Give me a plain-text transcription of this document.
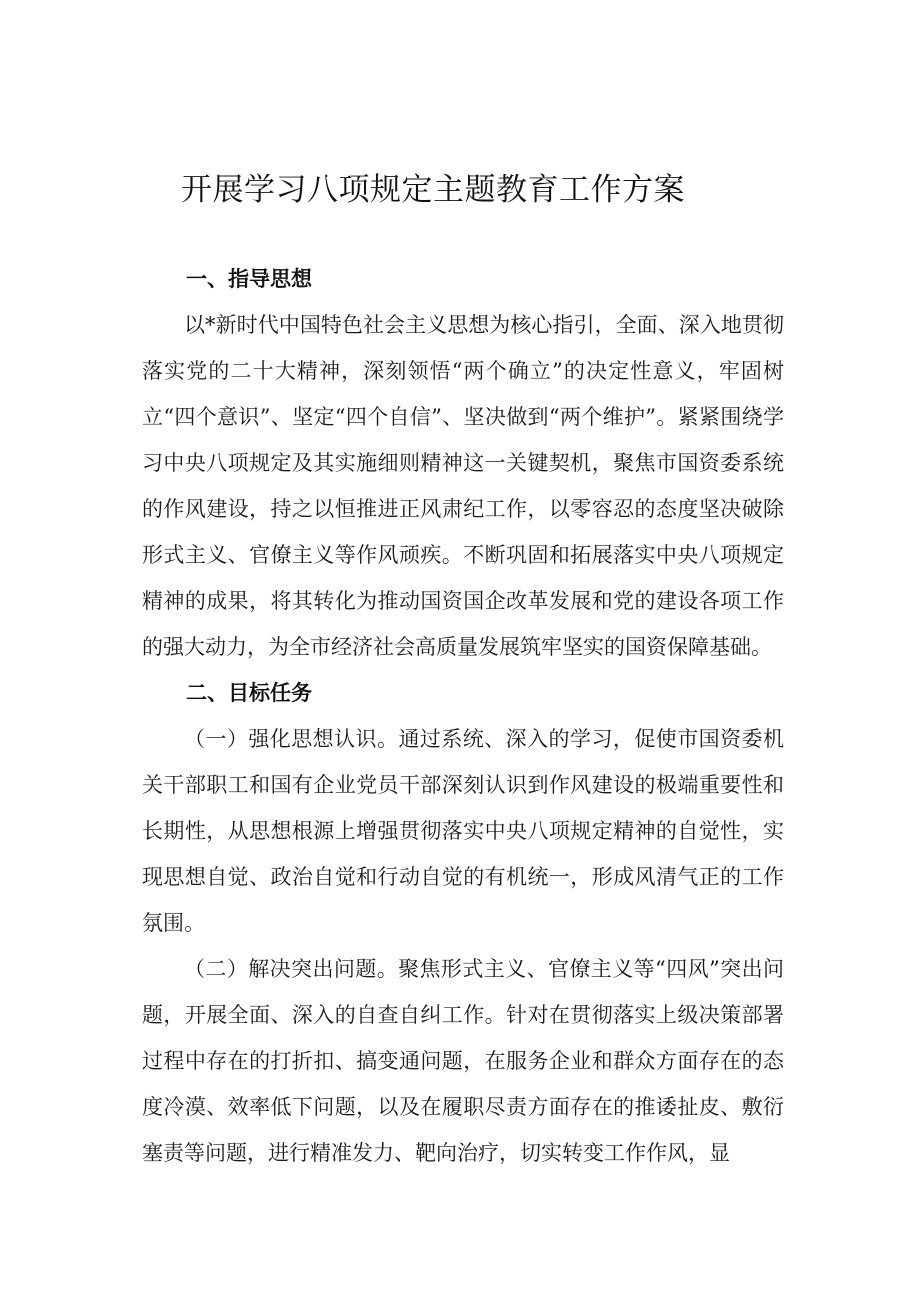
开展学习八项规定主题教育工作方案
一、指导思想

以*新时代中国特色社会主义思想为核心指引，全面、深入地贯彻落实党的二十大精神，深刻领悟“两个确立”的决定性意义，牢固树立“四个意识”、坚定“四个自信”、坚决做到“两个维护”。紧紧围绕学习中央八项规定及其实施细则精神这一关键契机，聚焦市国资委系统的作风建设，持之以恒推进正风肃纪工作，以零容忍的态度坚决破除形式主义、官僚主义等作风顽疾。不断巩固和拓展落实中央八项规定精神的成果，将其转化为推动国资国企改革发展和党的建设各项工作的强大动力，为全市经济社会高质量发展筑牢坚实的国资保障基础。

二、目标任务

（一）强化思想认识。通过系统、深入的学习，促使市国资委机关干部职工和国有企业党员干部深刻认识到作风建设的极端重要性和长期性，从思想根源上增强贯彻落实中央八项规定精神的自觉性，实现思想自觉、政治自觉和行动自觉的有机统一，形成风清气正的工作氛围。

（二）解决突出问题。聚焦形式主义、官僚主义等“四风”突出问题，开展全面、深入的自查自纠工作。针对在贯彻落实上级决策部署过程中存在的打折扣、搞变通问题，在服务企业和群众方面存在的态度冷漠、效率低下问题，以及在履职尽责方面存在的推诿扯皮、敷衍塞责等问题，进行精准发力、靶向治疗，切实转变工作作风，显
